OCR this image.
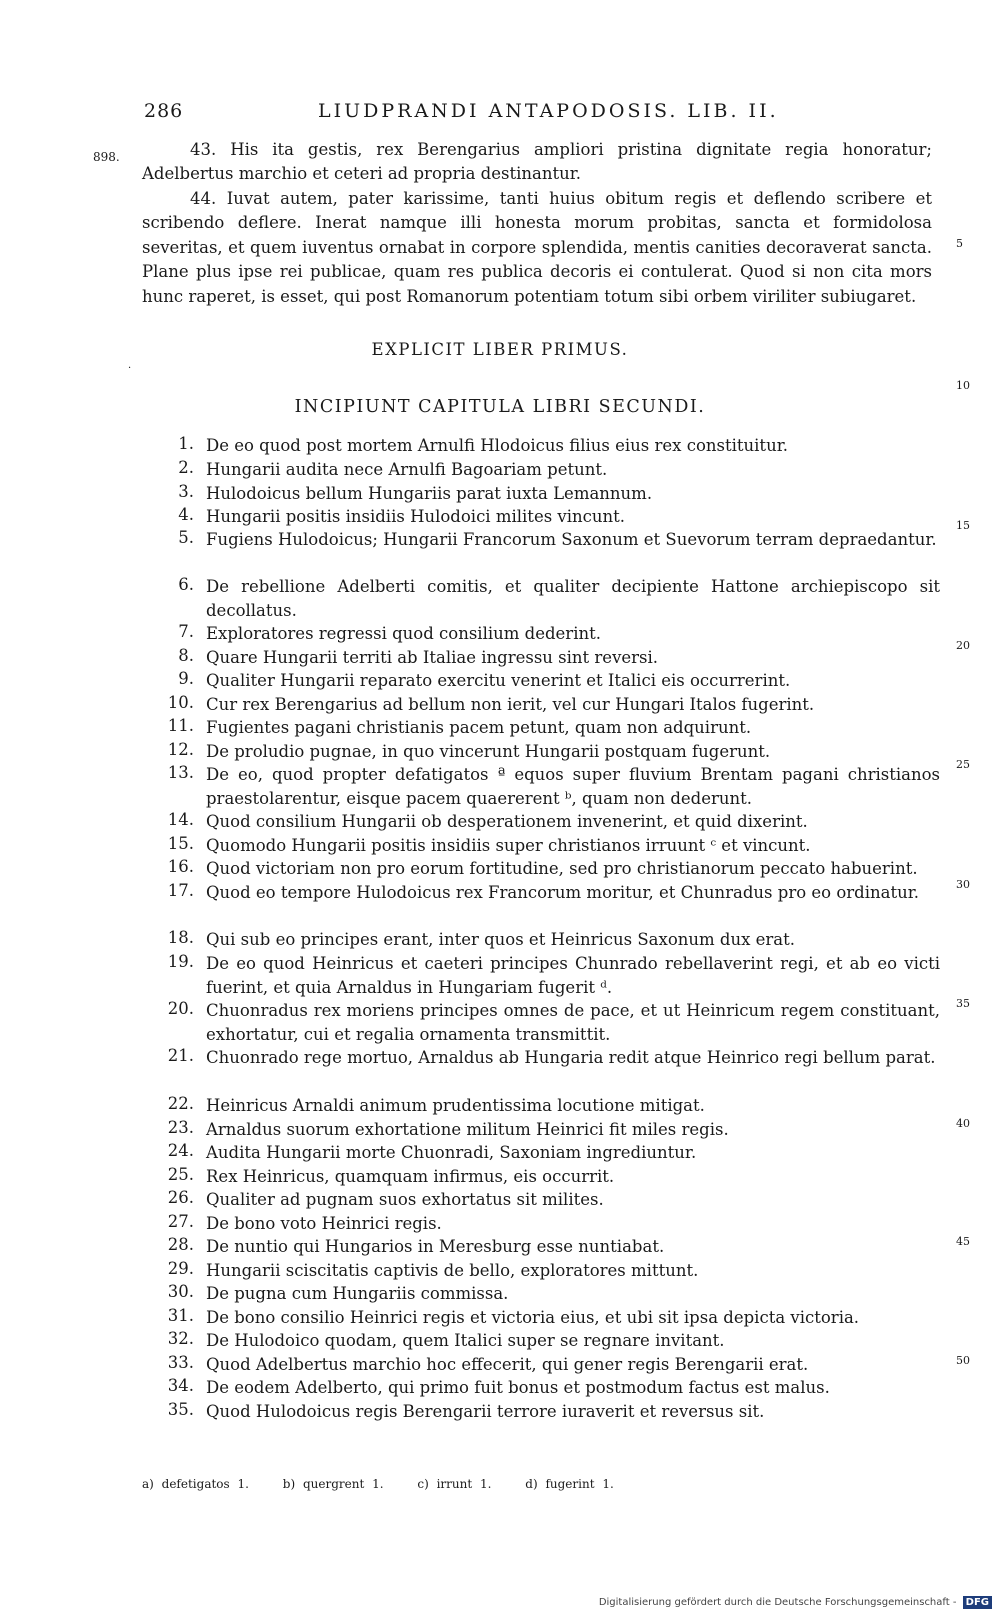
286	LIUDPRANDI ANTAPODOSIS. LIB. II.
898.	43. His ita gestis, rex Berengarius ampliori pristina dignitate regia honoratur; Adelbertus marchio et ceteri ad propria destinantur.
44. Iuvat autem, pater karissime, tanti huius obitum regis et deflendo scribere et scribendo deflere. Inerat namque illi honesta morum probitas, sancta et formidolosa severitas, et quem iuventus ornabat in corpore splendida, mentis canities decoraverat sancta. Plane plus ipse rei publicae, quam res publica decoris ei contulerat. Quod si non cita mors hunc raperet, is esset, qui post Romanorum potentiam totum sibi orbem viriliter subiugaret.
EXPLICIT LIBER PRIMUS.
·
INCIPIUNT CAPITULA LIBRI SECUNDI.
5
10
15
20
25
30
35
40
45
50
1. De eo quod post mortem Arnulfi Hlodoicus filius eius rex constituitur.
2. Hungarii audita nece Arnulfi Bagoariam petunt.
3. Hulodoicus bellum Hungariis parat iuxta Lemannum.
4. Hungarii positis insidiis Hulodoici milites vincunt.
5. Fugiens Hulodoicus; Hungarii Francorum Saxonum et Suevorum terram depraedantur.
6. De rebellione Adelberti comitis, et qualiter decipiente Hattone archiepiscopo sit decollatus.
7. Exploratores regressi quod consilium dederint.
8. Quare Hungarii territi ab Italiae ingressu sint reversi.
9. Qualiter Hungarii reparato exercitu venerint et Italici eis occurrerint.
10. Cur rex Berengarius ad bellum non ierit, vel cur Hungari Italos fugerint.
11. Fugientes pagani christianis pacem petunt, quam non adquirunt.
12. De proludio pugnae, in quo vincerunt Hungarii postquam fugerunt.
13. De eo, quod propter defatigatos ª equos super fluvium Brentam pagani christianos praestolarentur, eisque pacem quaererent ᵇ, quam non dederunt.
14. Quod consilium Hungarii ob desperationem invenerint, et quid dixerint.
15. Quomodo Hungarii positis insidiis super christianos irruunt ᶜ et vincunt.
16. Quod victoriam non pro eorum fortitudine, sed pro christianorum peccato habuerint.
17. Quod eo tempore Hulodoicus rex Francorum moritur, et Chunradus pro eo ordinatur.
18. Qui sub eo principes erant, inter quos et Heinricus Saxonum dux erat.
19. De eo quod Heinricus et caeteri principes Chunrado rebellaverint regi, et ab eo victi fuerint, et quia Arnaldus in Hungariam fugerit ᵈ.
20. Chuonradus rex moriens principes omnes de pace, et ut Heinricum regem constituant, exhortatur, cui et regalia ornamenta transmittit.
21. Chuonrado rege mortuo, Arnaldus ab Hungaria redit atque Heinrico regi bellum parat.
22. Heinricus Arnaldi animum prudentissima locutione mitigat.
23. Arnaldus suorum exhortatione militum Heinrici fit miles regis.
24. Audita Hungarii morte Chuonradi, Saxoniam ingrediuntur.
25. Rex Heinricus, quamquam infirmus, eis occurrit.
26. Qualiter ad pugnam suos exhortatus sit milites.
27. De bono voto Heinrici regis.
28. De nuntio qui Hungarios in Meresburg esse nuntiabat.
29. Hungarii sciscitatis captivis de bello, exploratores mittunt.
30. De pugna cum Hungariis commissa.
31. De bono consilio Heinrici regis et victoria eius, et ubi sit ipsa depicta victoria.
32. De Hulodoico quodam, quem Italici super se regnare invitant.
33. Quod Adelbertus marchio hoc effecerit, qui gener regis Berengarii erat.
34. De eodem Adelberto, qui primo fuit bonus et postmodum factus est malus.
35. Quod Hulodoicus regis Berengarii terrore iuraverit et reversus sit.
a) defetigatos 1.	b) quergrent 1.	c) irrunt 1.	d) fugerint 1.
Digitalisierung gefördert durch die Deutsche Forschungsgemeinschaft - DFG
